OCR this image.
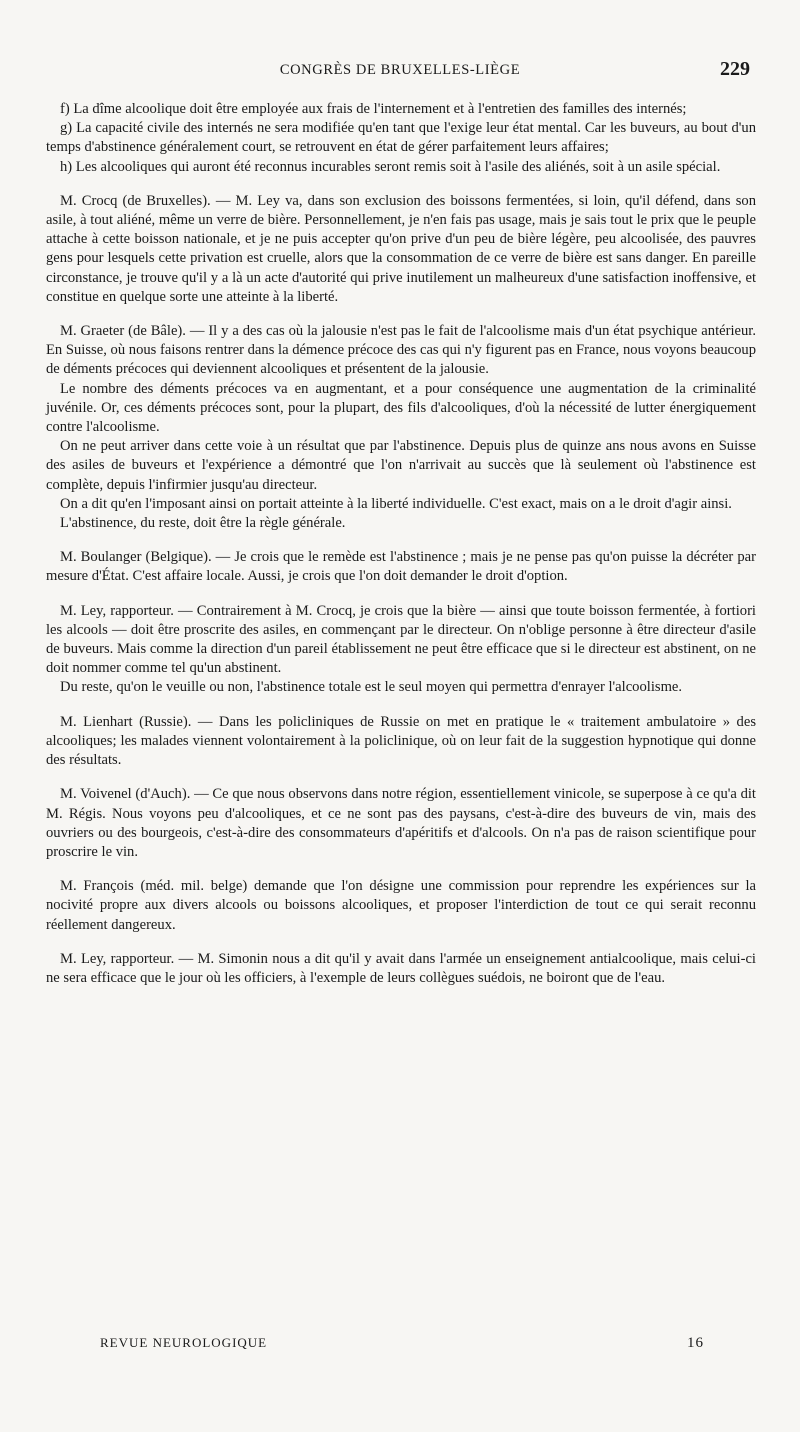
CONGRÈS DE BRUXELLES-LIÈGE	229

f) La dîme alcoolique doit être employée aux frais de l'internement et à l'entretien des familles des internés;

g) La capacité civile des internés ne sera modifiée qu'en tant que l'exige leur état mental. Car les buveurs, au bout d'un temps d'abstinence généralement court, se retrouvent en état de gérer parfaitement leurs affaires;

h) Les alcooliques qui auront été reconnus incurables seront remis soit à l'asile des aliénés, soit à un asile spécial.

M. Crocq (de Bruxelles). — M. Ley va, dans son exclusion des boissons fermentées, si loin, qu'il défend, dans son asile, à tout aliéné, même un verre de bière. Personnellement, je n'en fais pas usage, mais je sais tout le prix que le peuple attache à cette boisson nationale, et je ne puis accepter qu'on prive d'un peu de bière légère, peu alcoolisée, des pauvres gens pour lesquels cette privation est cruelle, alors que la consommation de ce verre de bière est sans danger. En pareille circonstance, je trouve qu'il y a là un acte d'autorité qui prive inutilement un malheureux d'une satisfaction inoffensive, et constitue en quelque sorte une atteinte à la liberté.

M. Graeter (de Bâle). — Il y a des cas où la jalousie n'est pas le fait de l'alcoolisme mais d'un état psychique antérieur. En Suisse, où nous faisons rentrer dans la démence précoce des cas qui n'y figurent pas en France, nous voyons beaucoup de déments précoces qui deviennent alcooliques et présentent de la jalousie.

Le nombre des déments précoces va en augmentant, et a pour conséquence une augmentation de la criminalité juvénile. Or, ces déments précoces sont, pour la plupart, des fils d'alcooliques, d'où la nécessité de lutter énergiquement contre l'alcoolisme.

On ne peut arriver dans cette voie à un résultat que par l'abstinence. Depuis plus de quinze ans nous avons en Suisse des asiles de buveurs et l'expérience a démontré que l'on n'arrivait au succès que là seulement où l'abstinence est complète, depuis l'infirmier jusqu'au directeur.

On a dit qu'en l'imposant ainsi on portait atteinte à la liberté individuelle. C'est exact, mais on a le droit d'agir ainsi.

L'abstinence, du reste, doit être la règle générale.

M. Boulanger (Belgique). — Je crois que le remède est l'abstinence ; mais je ne pense pas qu'on puisse la décréter par mesure d'État. C'est affaire locale. Aussi, je crois que l'on doit demander le droit d'option.

M. Ley, rapporteur. — Contrairement à M. Crocq, je crois que la bière — ainsi que toute boisson fermentée, à fortiori les alcools — doit être proscrite des asiles, en commençant par le directeur. On n'oblige personne à être directeur d'asile de buveurs. Mais comme la direction d'un pareil établissement ne peut être efficace que si le directeur est abstinent, on ne doit nommer comme tel qu'un abstinent.

Du reste, qu'on le veuille ou non, l'abstinence totale est le seul moyen qui permettra d'enrayer l'alcoolisme.

M. Lienhart (Russie). — Dans les policliniques de Russie on met en pratique le « traitement ambulatoire » des alcooliques; les malades viennent volontairement à la policlinique, où on leur fait de la suggestion hypnotique qui donne des résultats.

M. Voivenel (d'Auch). — Ce que nous observons dans notre région, essentiellement vinicole, se superpose à ce qu'a dit M. Régis. Nous voyons peu d'alcooliques, et ce ne sont pas des paysans, c'est-à-dire des buveurs de vin, mais des ouvriers ou des bourgeois, c'est-à-dire des consommateurs d'apéritifs et d'alcools. On n'a pas de raison scientifique pour proscrire le vin.

M. François (méd. mil. belge) demande que l'on désigne une commission pour reprendre les expériences sur la nocivité propre aux divers alcools ou boissons alcooliques, et proposer l'interdiction de tout ce qui serait reconnu réellement dangereux.

M. Ley, rapporteur. — M. Simonin nous a dit qu'il y avait dans l'armée un enseignement antialcoolique, mais celui-ci ne sera efficace que le jour où les officiers, à l'exemple de leurs collègues suédois, ne boiront que de l'eau.

REVUE NEUROLOGIQUE	16
